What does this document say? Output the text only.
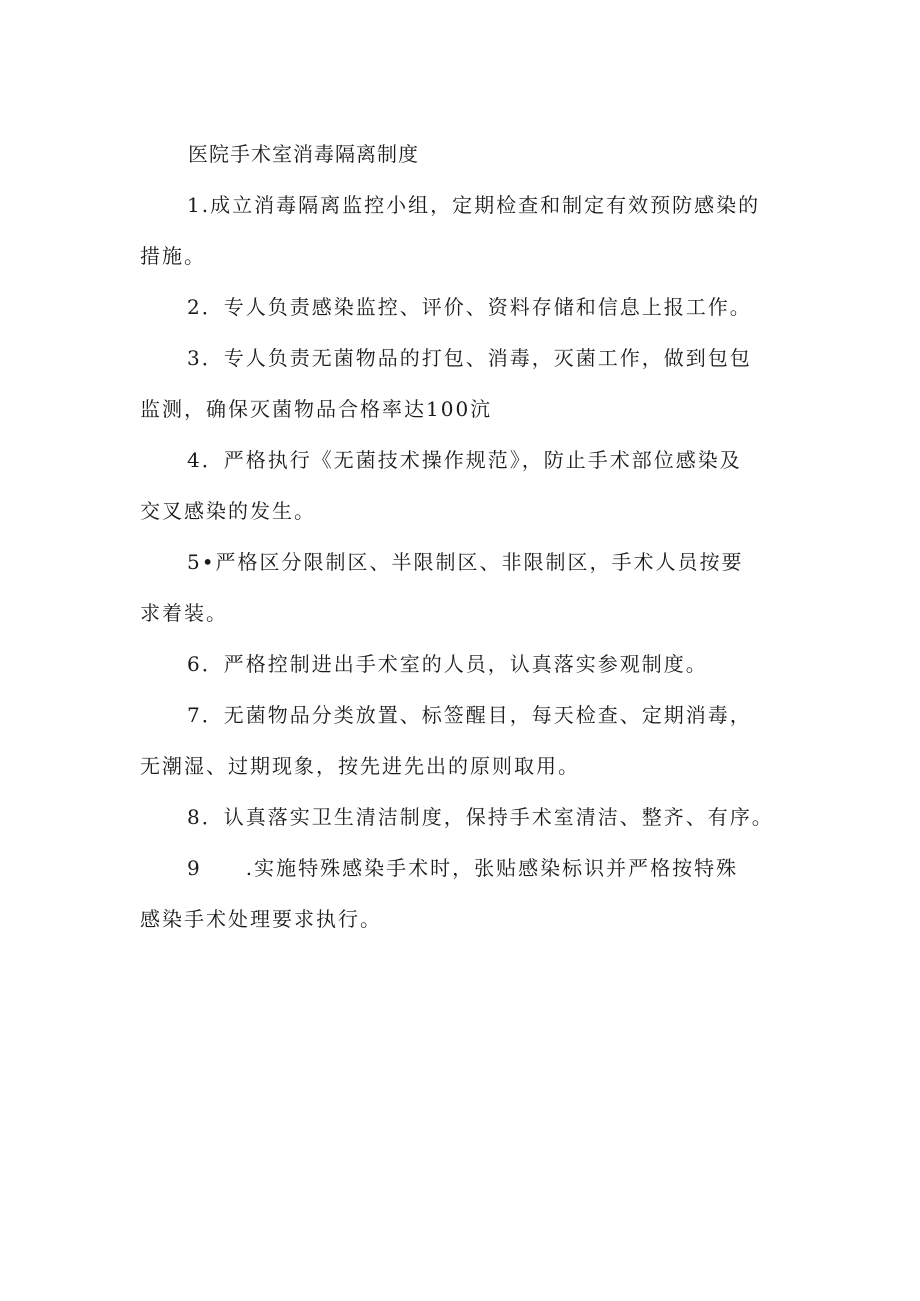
医院手术室消毒隔离制度
1.成立消毒隔离监控小组，定期检查和制定有效预防感染的
措施。
2．专人负责感染监控、评价、资料存储和信息上报工作。
3．专人负责无菌物品的打包、消毒，灭菌工作，做到包包
监测，确保灭菌物品合格率达100沆
4．严格执行《无菌技术操作规范》，防止手术部位感染及
交叉感染的发生。
5•严格区分限制区、半限制区、非限制区，手术人员按要
求着装。
6．严格控制进出手术室的人员，认真落实参观制度。
7．无菌物品分类放置、标签醒目，每天检查、定期消毒，
无潮湿、过期现象，按先进先出的原则取用。
8．认真落实卫生清洁制度，保持手术室清洁、整齐、有序。
9　　.实施特殊感染手术时，张贴感染标识并严格按特殊
感染手术处理要求执行。
